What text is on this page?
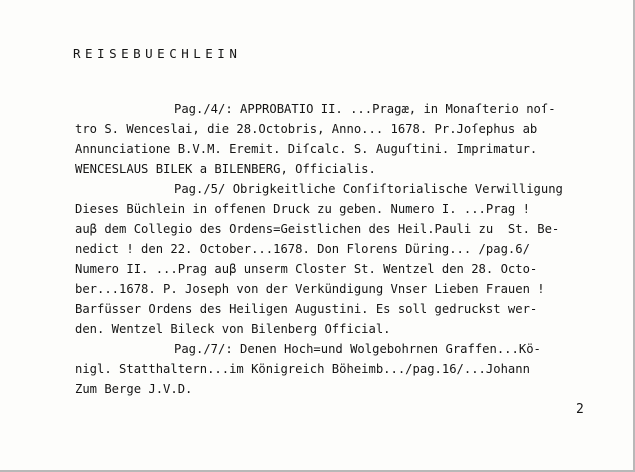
REISEBUECHLEIN
Pag./4/: APPROBATIO II. ...Pragæ, in Monaſterio noſ-
tro S. Wenceslai, die 28.Octobris, Anno... 1678. Pr.Joſephus ab
Annunciatione B.V.M. Eremit. Diſcalc. S. Auguſtini. Imprimatur.
WENCESLAUS BILEK a BILENBERG, Officialis.
Pag./5/ Obrigkeitliche Conſiſtorialische Verwilligung
Dieses Büchlein in offenen Druck zu geben. Numero I. ...Prag !
auβ dem Collegio des Ordens=Geistlichen des Heil.Pauli zu  St. Be-
nedict ! den 22. October...1678. Don Florens Düring... /pag.6/
Numero II. ...Prag auβ unserm Closter St. Wentzel den 28. Octo-
ber...1678. P. Joseph von der Verkündigung Vnser Lieben Frauen !
Barfüsser Ordens des Heiligen Augustini. Es soll gedruckst wer-
den. Wentzel Bileck von Bilenberg Official.
Pag./7/: Denen Hoch=und Wolgebohrnen Graffen...Kö-
nigl. Statthaltern...im Königreich Böheimb.../pag.16/...Johann
Zum Berge J.V.D.
2
